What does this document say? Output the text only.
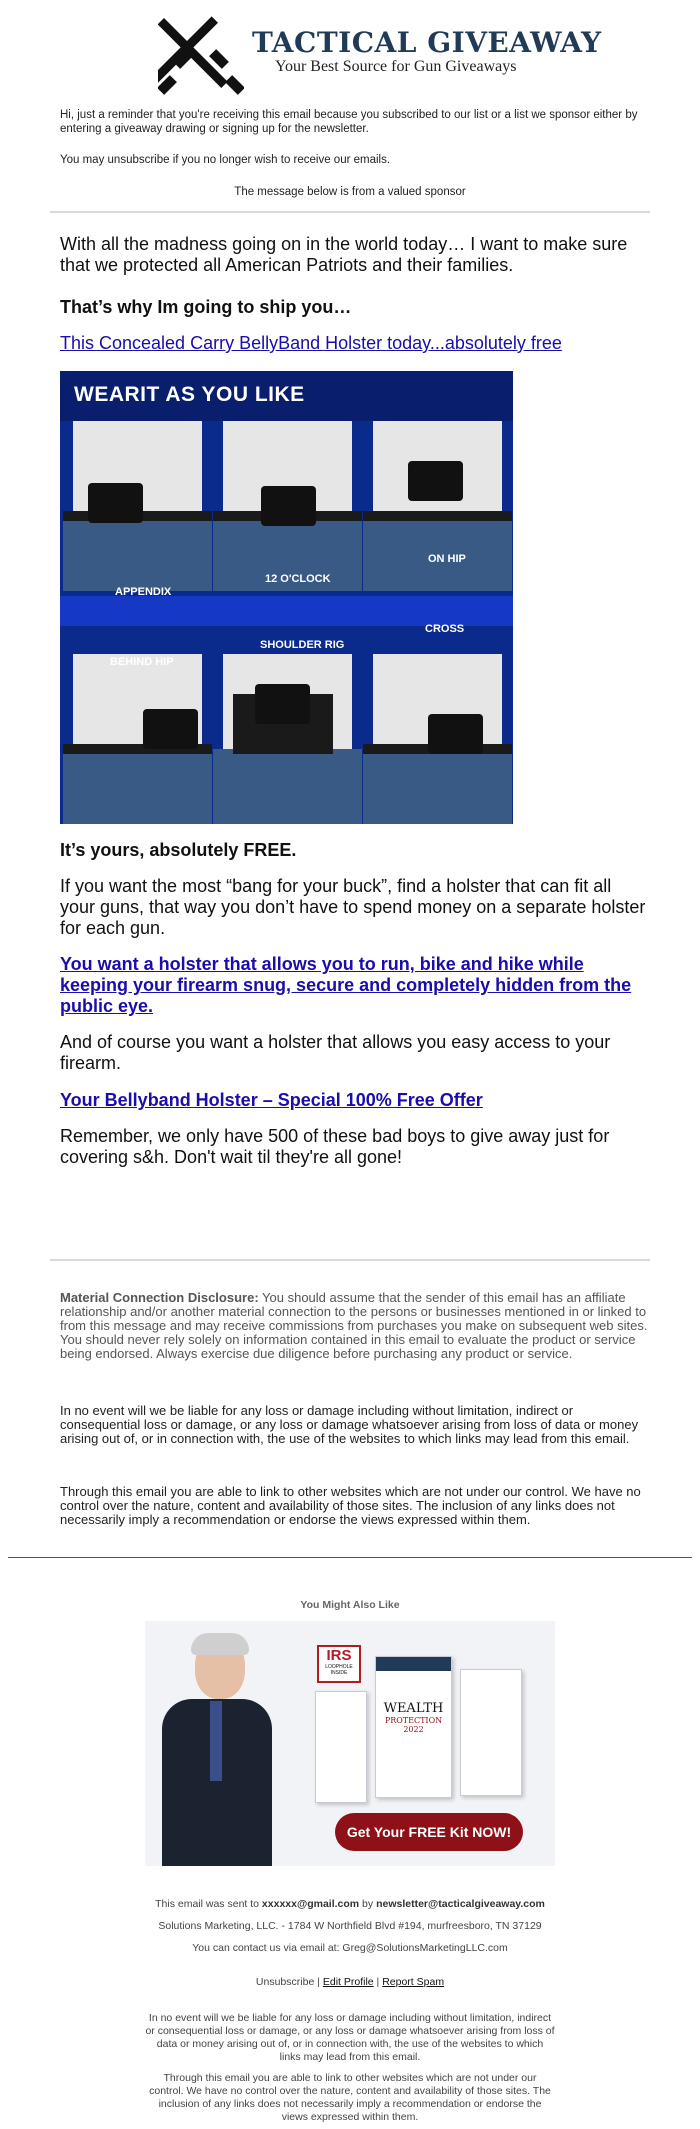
TACTICAL GIVEAWAY
Your Best Source for Gun Giveaways
Hi, just a reminder that you're receiving this email because you subscribed to our list or a list we sponsor either by entering a giveaway drawing or signing up for the newsletter.
You may unsubscribe if you no longer wish to receive our emails.
The message below is from a valued sponsor
With all the madness going on in the world today… I want to make sure that we protected all American Patriots and their families.
That’s why Im going to ship you…
This Concealed Carry BellyBand Holster today...absolutely free
WEARIT AS YOU LIKE
APPENDIX
12 O'CLOCK
ON HIP
BEHIND HIP
SHOULDER RIG
CROSS
It’s yours, absolutely FREE.
If you want the most “bang for your buck”, find a holster that can fit all your guns, that way you don’t have to spend money on a separate holster for each gun.
You want a holster that allows you to run, bike and hike while keeping your firearm snug, secure and completely hidden from the public eye.
And of course you want a holster that allows you easy access to your firearm.
Your Bellyband Holster – Special 100% Free Offer
Remember, we only have 500 of these bad boys to give away just for covering s&h. Don't wait til they're all gone!
Material Connection Disclosure: You should assume that the sender of this email has an affiliate relationship and/or another material connection to the persons or businesses mentioned in or linked to from this message and may receive commissions from purchases you make on subsequent web sites. You should never rely solely on information contained in this email to evaluate the product or service being endorsed. Always exercise due diligence before purchasing any product or service.
In no event will we be liable for any loss or damage including without limitation, indirect or consequential loss or damage, or any loss or damage whatsoever arising from loss of data or money arising out of, or in connection with, the use of the websites to which links may lead from this email.
Through this email you are able to link to other websites which are not under our control. We have no control over the nature, content and availability of those sites. The inclusion of any links does not necessarily imply a recommendation or endorse the views expressed within them.
You Might Also Like
WEALTH
PROTECTION
2022
IRS
LOOPHOLE INSIDE
Get Your FREE Kit NOW!
This email was sent to xxxxxx@gmail.com by newsletter@tacticalgiveaway.com
Solutions Marketing, LLC. - 1784 W Northfield Blvd #194, murfreesboro, TN 37129
You can contact us via email at: Greg@SolutionsMarketingLLC.com
Unsubscribe | Edit Profile | Report Spam
In no event will we be liable for any loss or damage including without limitation, indirect or consequential loss or damage, or any loss or damage whatsoever arising from loss of data or money arising out of, or in connection with, the use of the websites to which links may lead from this email.
Through this email you are able to link to other websites which are not under our control. We have no control over the nature, content and availability of those sites. The inclusion of any links does not necessarily imply a recommendation or endorse the views expressed within them.
